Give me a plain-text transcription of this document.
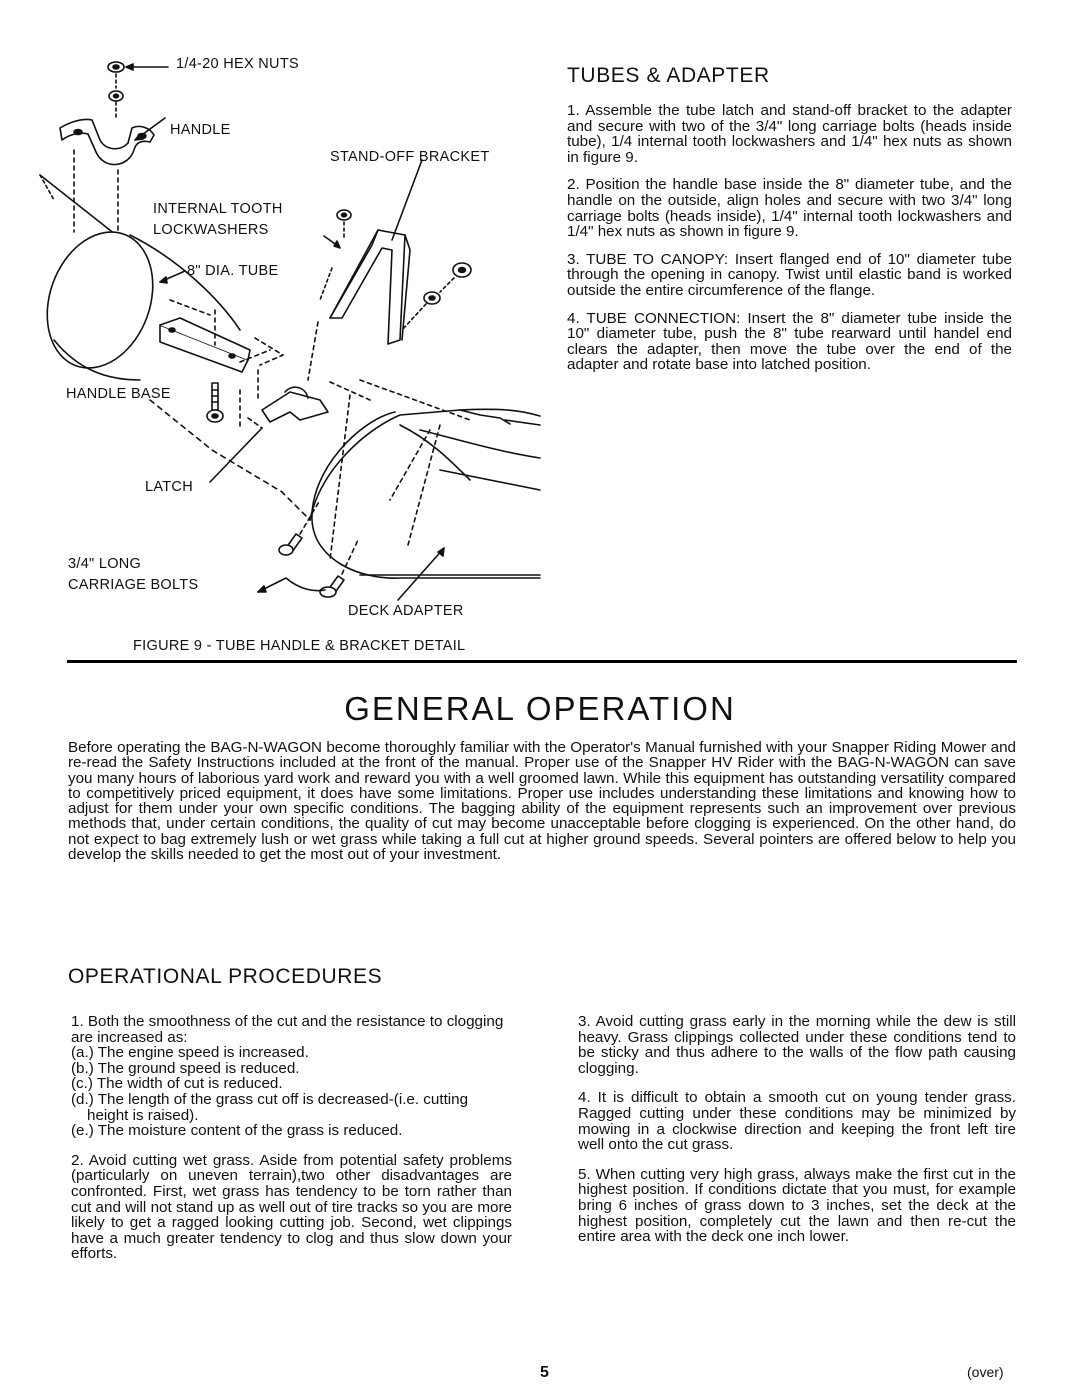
1/4-20 HEX NUTS
HANDLE
STAND-OFF BRACKET
INTERNAL TOOTH
LOCKWASHERS
8" DIA. TUBE
HANDLE BASE
LATCH
3/4" LONG
CARRIAGE BOLTS
DECK ADAPTER
FIGURE 9 - TUBE HANDLE & BRACKET DETAIL
TUBES & ADAPTER

1. Assemble the tube latch and stand-off bracket to the adapter and secure with two of the 3/4" long carriage bolts (heads inside tube), 1/4 internal tooth lockwashers and 1/4" hex nuts as shown in figure 9.

2. Position the handle base inside the 8" diameter tube, and the handle on the outside, align holes and secure with two 3/4" long carriage bolts (heads inside), 1/4" internal tooth lockwashers and 1/4" hex nuts as shown in figure 9.

3. TUBE TO CANOPY: Insert flanged end of 10" diameter tube through the opening in canopy. Twist until elastic band is worked outside the entire circumference of the flange.

4. TUBE CONNECTION: Insert the 8" diameter tube inside the 10" diameter tube, push the 8" tube rearward until handel end clears the adapter, then move the tube over the end of the adapter and rotate base into latched position.

GENERAL OPERATION

Before operating the BAG-N-WAGON become thoroughly familiar with the Operator's Manual furnished with your Snapper Riding Mower and re-read the Safety Instructions included at the front of the manual. Proper use of the Snapper HV Rider with the BAG-N-WAGON can save you many hours of laborious yard work and reward you with a well groomed lawn. While this equipment has outstanding versatility compared to competitively priced equipment, it does have some limitations. Proper use includes understanding these limitations and knowing how to adjust for them under your own specific conditions. The bagging ability of the equipment represents such an improvement over previous methods that, under certain conditions, the quality of cut may become unacceptable before clogging is experienced. On the other hand, do not expect to bag extremely lush or wet grass while taking a full cut at higher ground speeds. Several pointers are offered below to help you develop the skills needed to get the most out of your investment.

OPERATIONAL PROCEDURES

1. Both the smoothness of the cut and the resistance to clogging are increased as:

(a.) The engine speed is increased.

(b.) The ground speed is reduced.

(c.) The width of cut is reduced.

(d.) The length of the grass cut off is decreased-(i.e. cutting height is raised).

(e.) The moisture content of the grass is reduced.

2. Avoid cutting wet grass. Aside from potential safety problems (particularly on uneven terrain),two other disadvantages are confronted. First, wet grass has tendency to be torn rather than cut and will not stand up as well out of tire tracks so you are more likely to get a ragged looking cutting job. Second, wet clippings have a much greater tendency to clog and thus slow down your efforts.

3. Avoid cutting grass early in the morning while the dew is still heavy. Grass clippings collected under these conditions tend to be sticky and thus adhere to the walls of the flow path causing clogging.

4. It is difficult to obtain a smooth cut on young tender grass. Ragged cutting under these conditions may be minimized by mowing in a clockwise direction and keeping the front left tire well onto the cut grass.

5. When cutting very high grass, always make the first cut in the highest position. If conditions dictate that you must, for example bring 6 inches of grass down to 3 inches, set the deck at the highest position, completely cut the lawn and then re-cut the entire area with the deck one inch lower.

5	(over)
